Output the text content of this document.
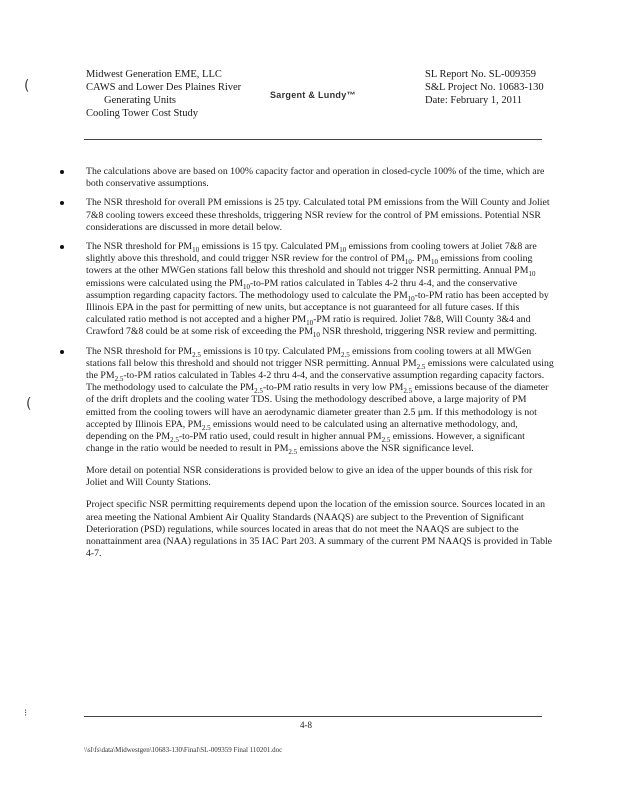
(
(
⁝
Midwest Generation EME, LLC
CAWS and Lower Des Plaines River
Generating Units
Cooling Tower Cost Study
Sargent & Lundy™
SL Report No. SL-009359
S&L Project No. 10683-130
Date: February 1, 2011
The calculations above are based on 100% capacity factor and operation in closed-cycle 100% of the time, which are both conservative assumptions.
The NSR threshold for overall PM emissions is 25 tpy. Calculated total PM emissions from the Will County and Joliet 7&8 cooling towers exceed these thresholds, triggering NSR review for the control of PM emissions. Potential NSR considerations are discussed in more detail below.
The NSR threshold for $PM_{10}$ emissions is 15 tpy. Calculated $PM_{10}$ emissions from cooling towers at Joliet 7&8 are slightly above this threshold, and could trigger NSR review for the control of $PM_{10}$. $PM_{10}$ emissions from cooling towers at the other MWGen stations fall below this threshold and should not trigger NSR permitting. Annual $PM_{10}$ emissions were calculated using the $PM_{10}-to-PM$ ratios calculated in Tables 4-2 thru 4-4, and the conservative assumption regarding capacity factors. The methodology used to calculate the $PM_{10}-to-PM$ ratio has been accepted by Illinois EPA in the past for permitting of new units, but acceptance is not guaranteed for all future cases. If this calculated ratio method is not accepted and a higher $PM_{10}-PM$ ratio is required. Joliet 7&8, Will County 3&4 and Crawford 7&8 could be at some risk of exceeding the $PM_{10}$ NSR threshold, triggering NSR review and permitting.
The NSR threshold for $PM_{2.5}$ emissions is 10 tpy. Calculated $PM_{2.5}$ emissions from cooling towers at all MWGen stations fall below this threshold and should not trigger NSR permitting. Annual $PM_{2.5}$ emissions were calculated using the $PM_{2.5}-to-PM$ ratios calculated in Tables 4-2 thru 4-4, and the conservative assumption regarding capacity factors. The methodology used to calculate the $PM_{2.5}-to-PM$ ratio results in very low $PM_{2.5}$ emissions because of the diameter of the drift droplets and the cooling water TDS. Using the methodology described above, a large majority of PM emitted from the cooling towers will have an aerodynamic diameter greater than 2.5 μm. If this methodology is not accepted by Illinois EPA, $PM_{2.5}$ emissions would need to be calculated using an alternative methodology, and, depending on the $PM_{2.5}-to-PM$ ratio used, could result in higher annual $PM_{2.5}$ emissions. However, a significant change in the ratio would be needed to result in $PM_{2.5}$ emissions above the NSR significance level.

More detail on potential NSR considerations is provided below to give an idea of the upper bounds of this risk for Joliet and Will County Stations.

Project specific NSR permitting requirements depend upon the location of the emission source. Sources located in an area meeting the National Ambient Air Quality Standards (NAAQS) are subject to the Prevention of Significant Deterioration (PSD) regulations, while sources located in areas that do not meet the NAAQS are subject to the nonattainment area (NAA) regulations in 35 IAC Part 203. A summary of the current PM NAAQS is provided in Table 4-7.

4-8
\\sl\fs\data\Midwestgen\10683-130\Final\SL-009359 Final 110201.doc
